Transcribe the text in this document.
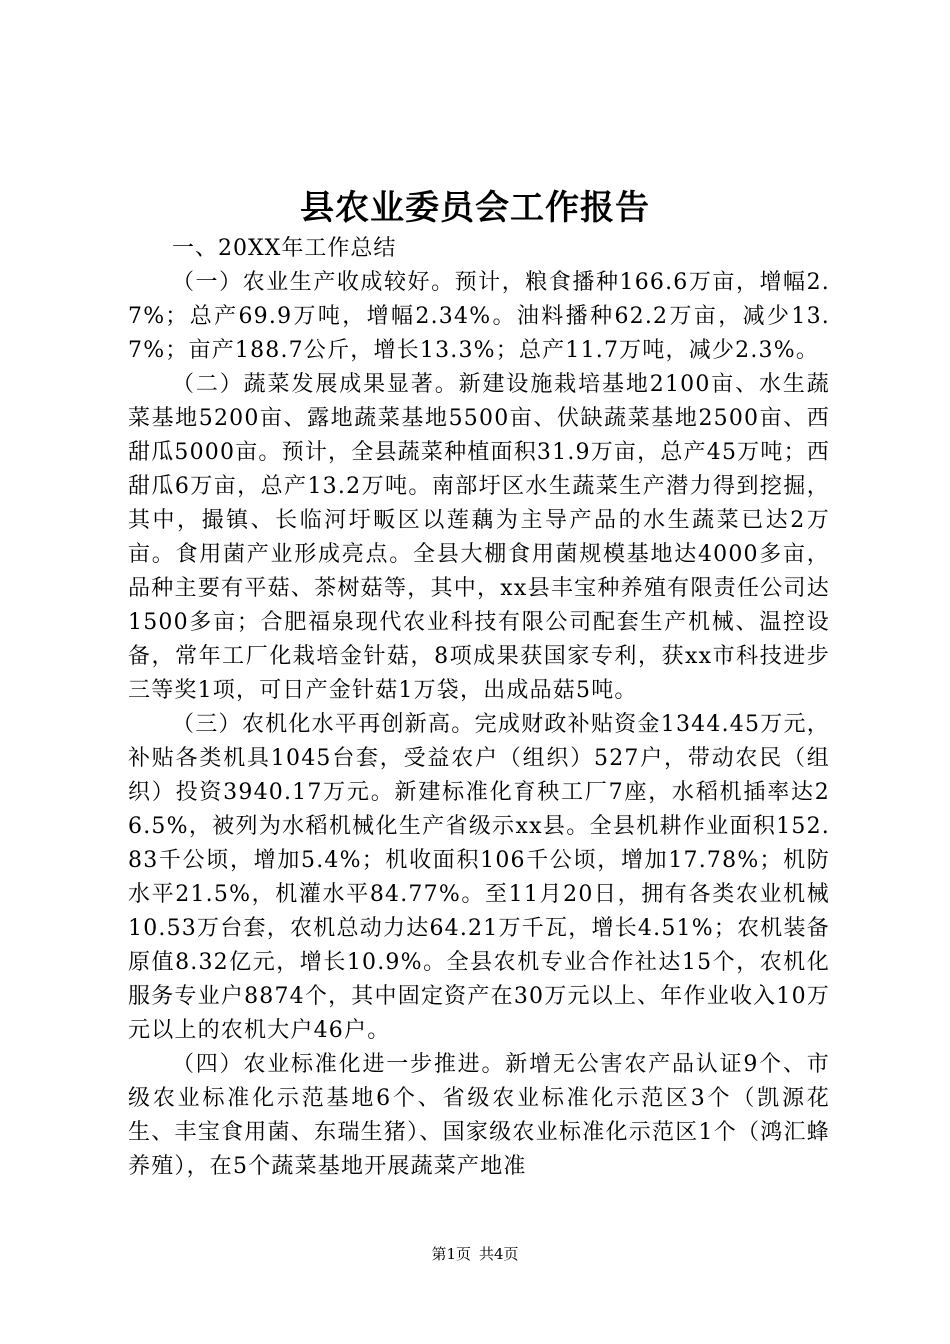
县农业委员会工作报告

一、20XX年工作总结

（一）农业生产收成较好。预计，粮食播种166.6万亩，增幅2.7%；总产69.9万吨，增幅2.34%。油料播种62.2万亩，减少13.7%；亩产188.7公斤，增长13.3%；总产11.7万吨，减少2.3%。

（二）蔬菜发展成果显著。新建设施栽培基地2100亩、水生蔬菜基地5200亩、露地蔬菜基地5500亩、伏缺蔬菜基地2500亩、西甜瓜5000亩。预计，全县蔬菜种植面积31.9万亩，总产45万吨；西甜瓜6万亩，总产13.2万吨。南部圩区水生蔬菜生产潜力得到挖掘，其中，撮镇、长临河圩畈区以莲藕为主导产品的水生蔬菜已达2万亩。食用菌产业形成亮点。全县大棚食用菌规模基地达4000多亩，品种主要有平菇、茶树菇等，其中，xx县丰宝种养殖有限责任公司达1500多亩；合肥福泉现代农业科技有限公司配套生产机械、温控设备，常年工厂化栽培金针菇，8项成果获国家专利，获xx市科技进步三等奖1项，可日产金针菇1万袋，出成品菇5吨。

（三）农机化水平再创新高。完成财政补贴资金1344.45万元，补贴各类机具1045台套，受益农户（组织）527户，带动农民（组织）投资3940.17万元。新建标准化育秧工厂7座，水稻机插率达26.5%，被列为水稻机械化生产省级示xx县。全县机耕作业面积152.83千公顷，增加5.4%；机收面积106千公顷，增加17.78%；机防水平21.5%，机灌水平84.77%。至11月20日，拥有各类农业机械10.53万台套，农机总动力达64.21万千瓦，增长4.51%；农机装备原值8.32亿元，增长10.9%。全县农机专业合作社达15个，农机化服务专业户8874个，其中固定资产在30万元以上、年作业收入10万元以上的农机大户46户。

（四）农业标准化进一步推进。新增无公害农产品认证9个、市级农业标准化示范基地6个、省级农业标准化示范区3个（凯源花生、丰宝食用菌、东瑞生猪）、国家级农业标准化示范区1个（鸿汇蜂养殖），在5个蔬菜基地开展蔬菜产地准

第1页 共4页
